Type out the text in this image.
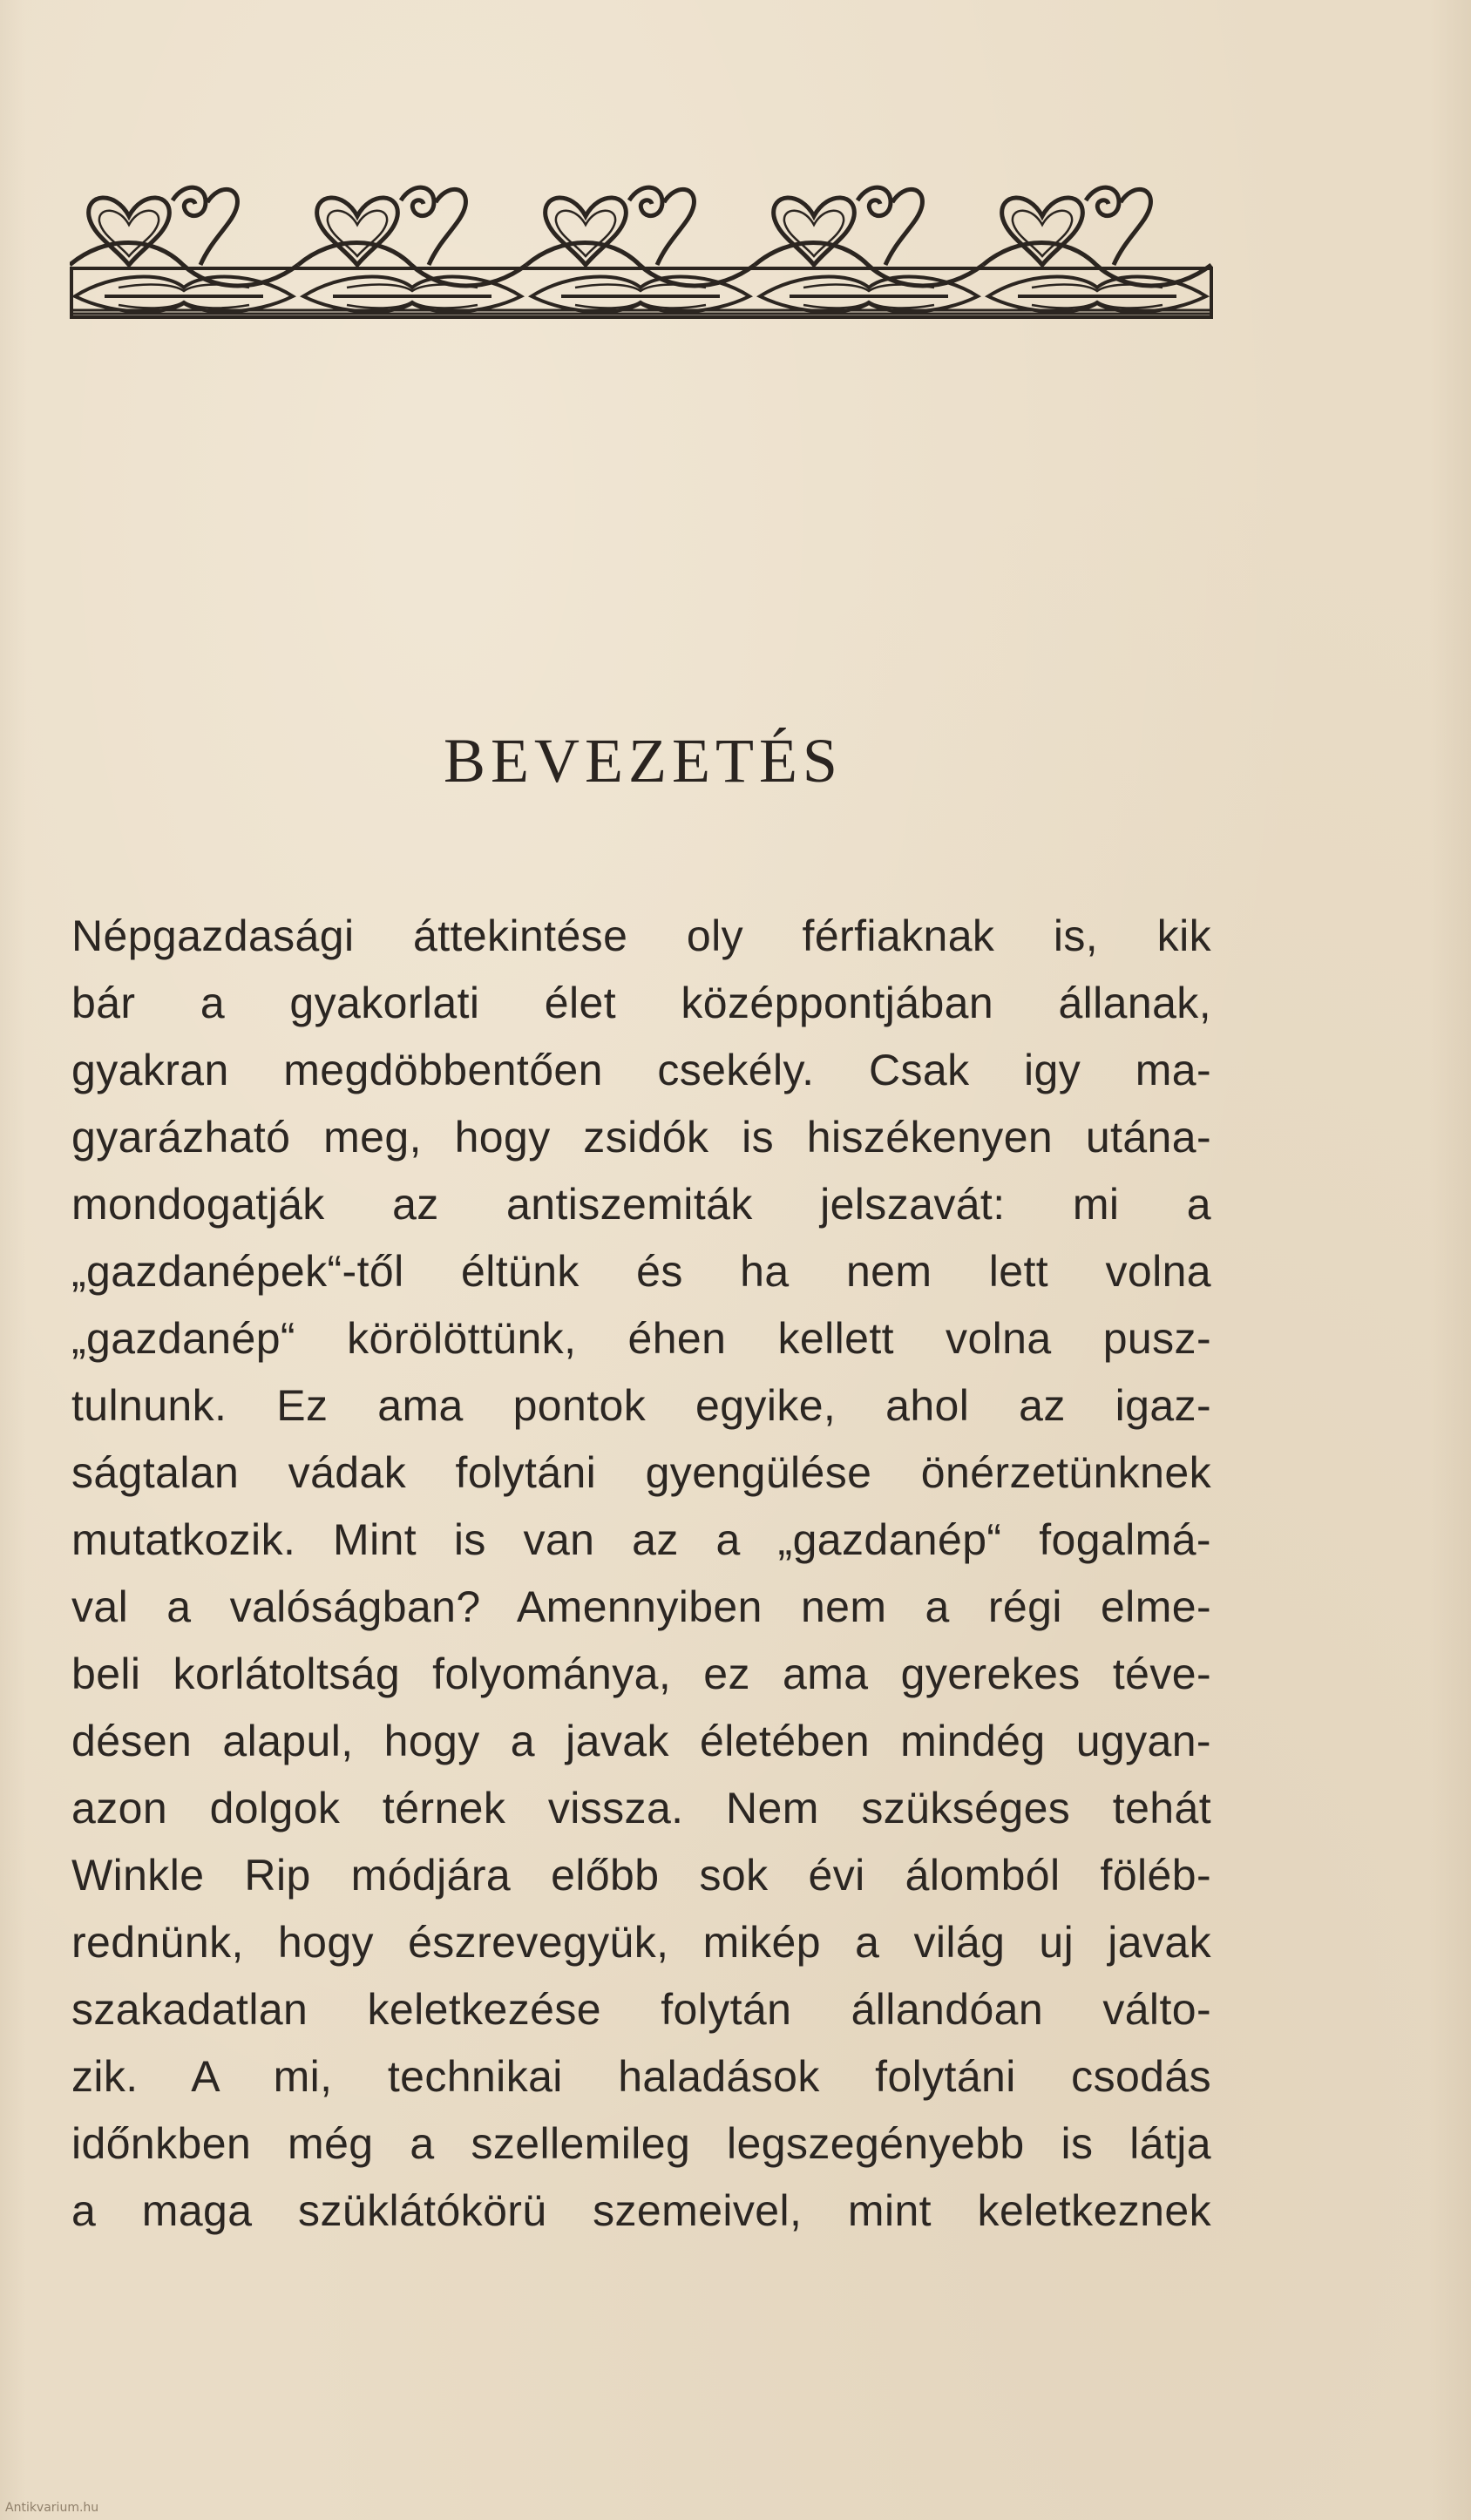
BEVEZETÉS
Népgazdasági áttekintése oly férfiaknak is, kik
bár a gyakorlati élet középpontjában állanak,
gyakran megdöbbentően csekély. Csak igy ma-
gyarázható meg, hogy zsidók is hiszékenyen utána-
mondogatják az antiszemiták jelszavát: mi a
„gazdanépek“-től éltünk és ha nem lett volna
„gazdanép“ körölöttünk, éhen kellett volna pusz-
tulnunk. Ez ama pontok egyike, ahol az igaz-
ságtalan vádak folytáni gyengülése önérzetünknek
mutatkozik. Mint is van az a „gazdanép“ fogalmá-
val a valóságban? Amennyiben nem a régi elme-
beli korlátoltság folyománya, ez ama gyerekes téve-
désen alapul, hogy a javak életében mindég ugyan-
azon dolgok térnek vissza. Nem szükséges tehát
Winkle Rip módjára előbb sok évi álomból föléb-
rednünk, hogy észrevegyük, mikép a világ uj javak
szakadatlan keletkezése folytán állandóan válto-
zik. A mi, technikai haladások folytáni csodás
időnkben még a szellemileg legszegényebb is látja
a maga szüklátókörü szemeivel, mint keletkeznek
Antikvarium.hu
